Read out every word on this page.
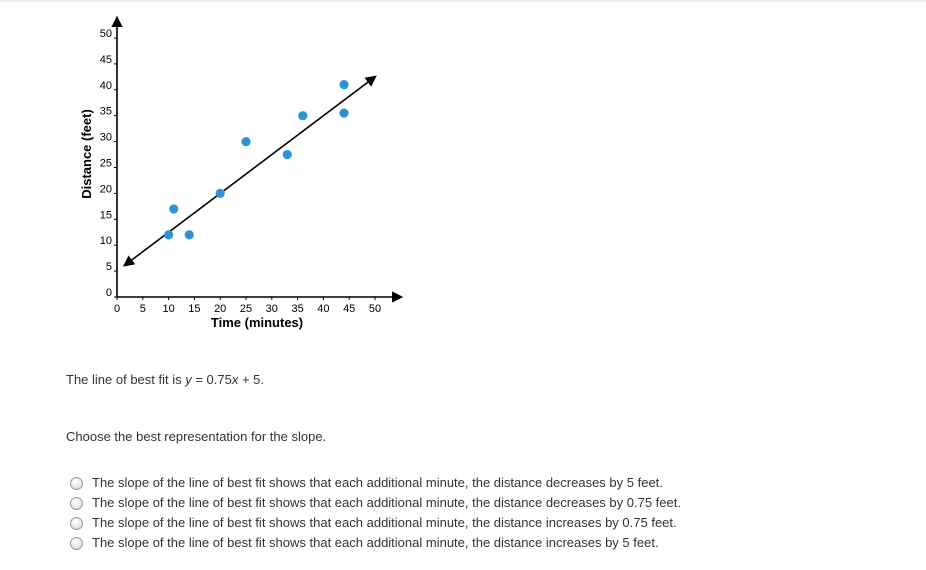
0 5 10 15 20 25 30 35 40 45 50
0
5
10
15
20
25
30
35
40
45
50
Time (minutes)
Distance (feet)
The line of best fit is y = 0.75x + 5.
Choose the best representation for the slope.
The slope of the line of best fit shows that each additional minute, the distance decreases by 5 feet.
The slope of the line of best fit shows that each additional minute, the distance decreases by 0.75 feet.
The slope of the line of best fit shows that each additional minute, the distance increases by 0.75 feet.
The slope of the line of best fit shows that each additional minute, the distance increases by 5 feet.
